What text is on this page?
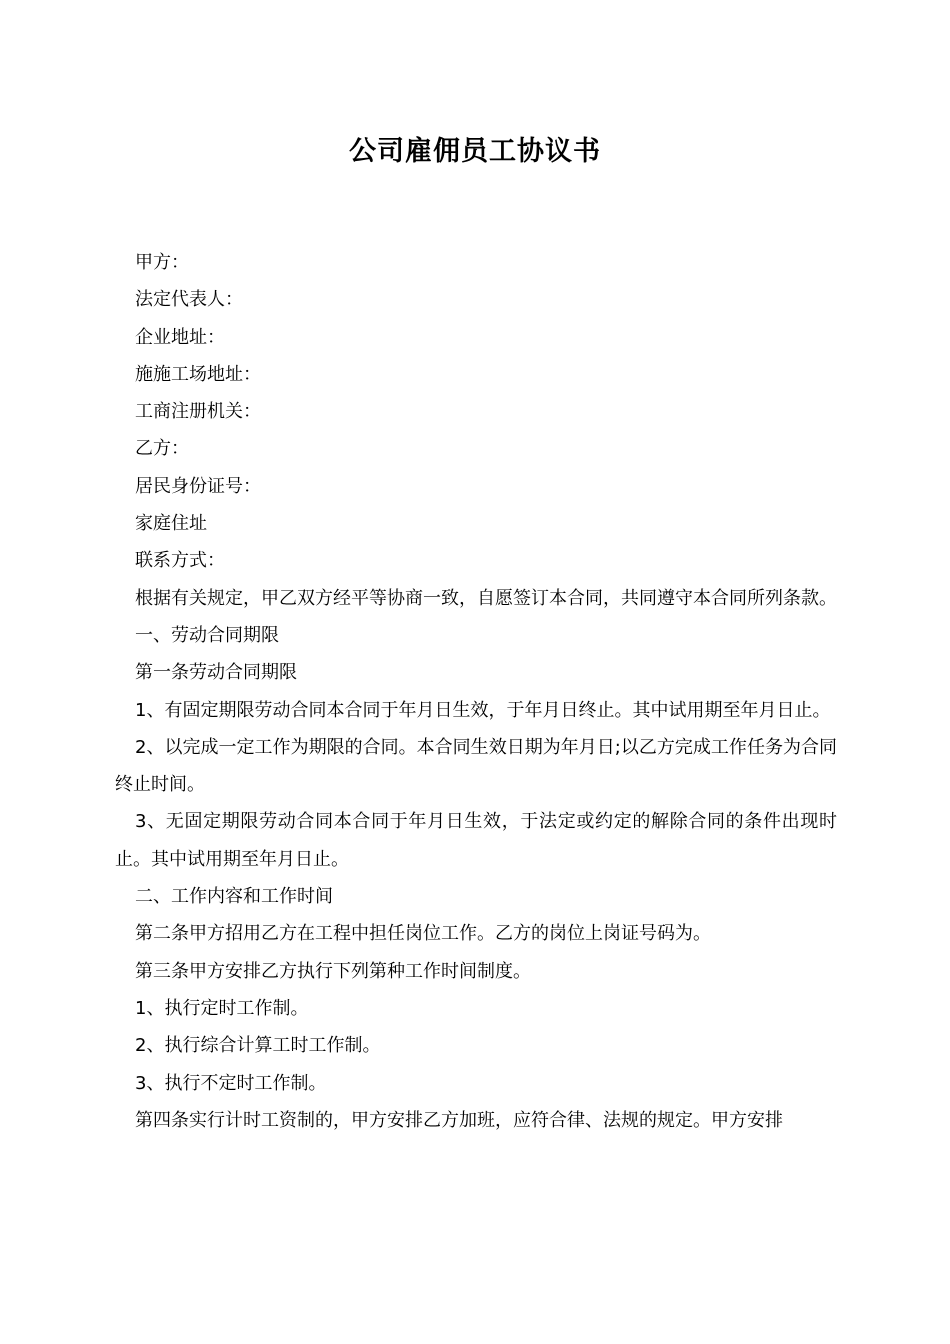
公司雇佣员工协议书

甲方：

法定代表人：

企业地址：

施施工场地址：

工商注册机关：

乙方：

居民身份证号：

家庭住址

联系方式：

根据有关规定，甲乙双方经平等协商一致，自愿签订本合同，共同遵守本合同所列条款。

一、劳动合同期限

第一条劳动合同期限

1、有固定期限劳动合同本合同于年月日生效，于年月日终止。其中试用期至年月日止。

2、以完成一定工作为期限的合同。本合同生效日期为年月日;以乙方完成工作任务为合同终止时间。

3、无固定期限劳动合同本合同于年月日生效，于法定或约定的解除合同的条件出现时止。其中试用期至年月日止。

二、工作内容和工作时间

第二条甲方招用乙方在工程中担任岗位工作。乙方的岗位上岗证号码为。

第三条甲方安排乙方执行下列第种工作时间制度。

1、执行定时工作制。

2、执行综合计算工时工作制。

3、执行不定时工作制。

第四条实行计时工资制的，甲方安排乙方加班，应符合律、法规的规定。甲方安排
